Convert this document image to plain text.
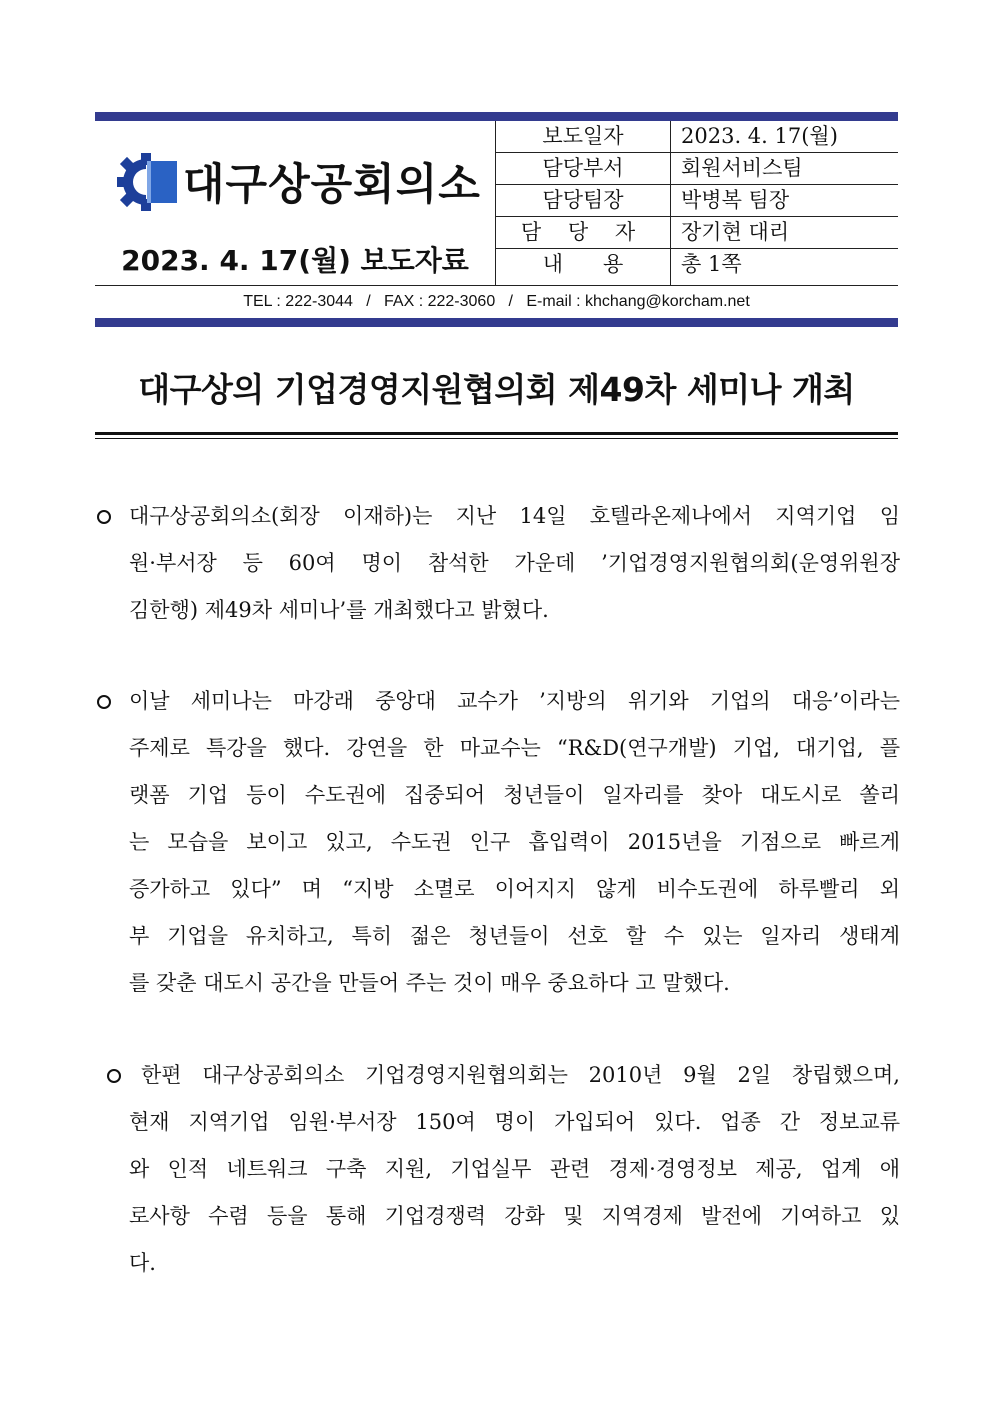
대구상공회의소
2023. 4. 17(월) 보도자료
보도일자	2023. 4. 17(월)
담당부서	회원서비스팀
담당팀장	박병복 팀장
담 당 자	장기현 대리
내      용	총 1쪽
TEL : 222-3044   /   FAX : 222-3060   /   E-mail : khchang@korcham.net
대구상의 기업경영지원협의회 제49차 세미나 개최
대구상공회의소(회장 이재하)는 지난 14일 호텔라온제나에서 지역기업 임
원·부서장 등 60여 명이 참석한 가운데 ’기업경영지원협의회(운영위원장
김한행) 제49차 세미나’를 개최했다고 밝혔다.
이날 세미나는 마강래 중앙대 교수가 ’지방의 위기와 기업의 대응’이라는
주제로 특강을 했다. 강연을 한 마교수는 “R&D(연구개발) 기업, 대기업, 플
랫폼 기업 등이 수도권에 집중되어 청년들이 일자리를 찾아 대도시로 쏠리
는 모습을 보이고 있고, 수도권 인구 흡입력이 2015년을 기점으로 빠르게
증가하고 있다” 며 “지방 소멸로 이어지지 않게 비수도권에 하루빨리 외
부 기업을 유치하고, 특히 젊은 청년들이 선호 할 수 있는 일자리 생태계
를 갖춘 대도시 공간을 만들어 주는 것이 매우 중요하다 고 말했다.
한편 대구상공회의소 기업경영지원협의회는 2010년 9월 2일 창립했으며,
현재 지역기업 임원·부서장 150여 명이 가입되어 있다. 업종 간 정보교류
와 인적 네트워크 구축 지원, 기업실무 관련 경제·경영정보 제공, 업계 애
로사항 수렴 등을 통해 기업경쟁력 강화 및 지역경제 발전에 기여하고 있
다.
